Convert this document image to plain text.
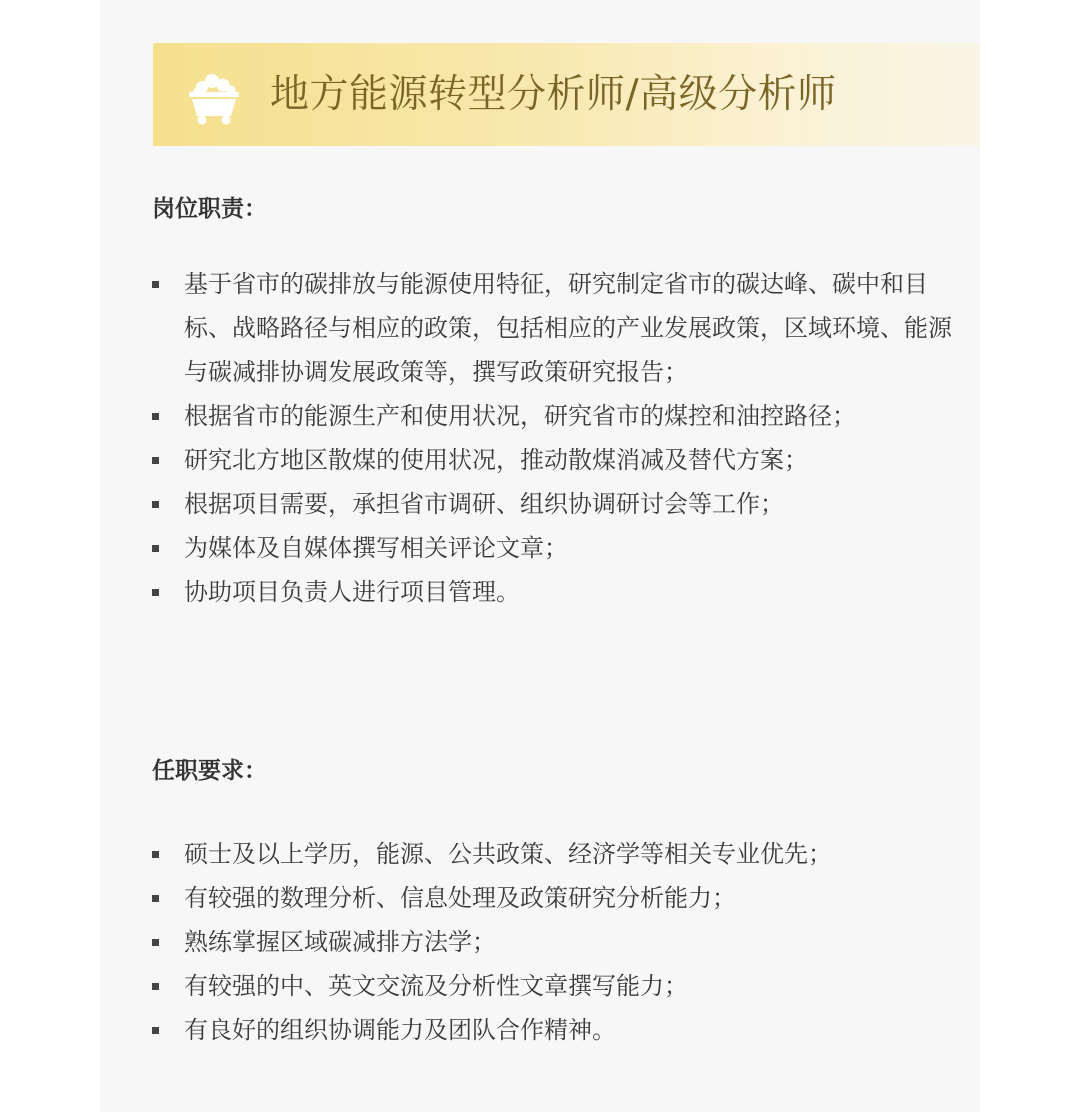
地方能源转型分析师/高级分析师
岗位职责：
基于省市的碳排放与能源使用特征，研究制定省市的碳达峰、碳中和目标、战略路径与相应的政策，包括相应的产业发展政策，区域环境、能源与碳减排协调发展政策等，撰写政策研究报告；
根据省市的能源生产和使用状况，研究省市的煤控和油控路径；
研究北方地区散煤的使用状况，推动散煤消减及替代方案；
根据项目需要，承担省市调研、组织协调研讨会等工作；
为媒体及自媒体撰写相关评论文章；
协助项目负责人进行项目管理。
任职要求：
硕士及以上学历，能源、公共政策、经济学等相关专业优先；
有较强的数理分析、信息处理及政策研究分析能力；
熟练掌握区域碳减排方法学；
有较强的中、英文交流及分析性文章撰写能力；
有良好的组织协调能力及团队合作精神。
